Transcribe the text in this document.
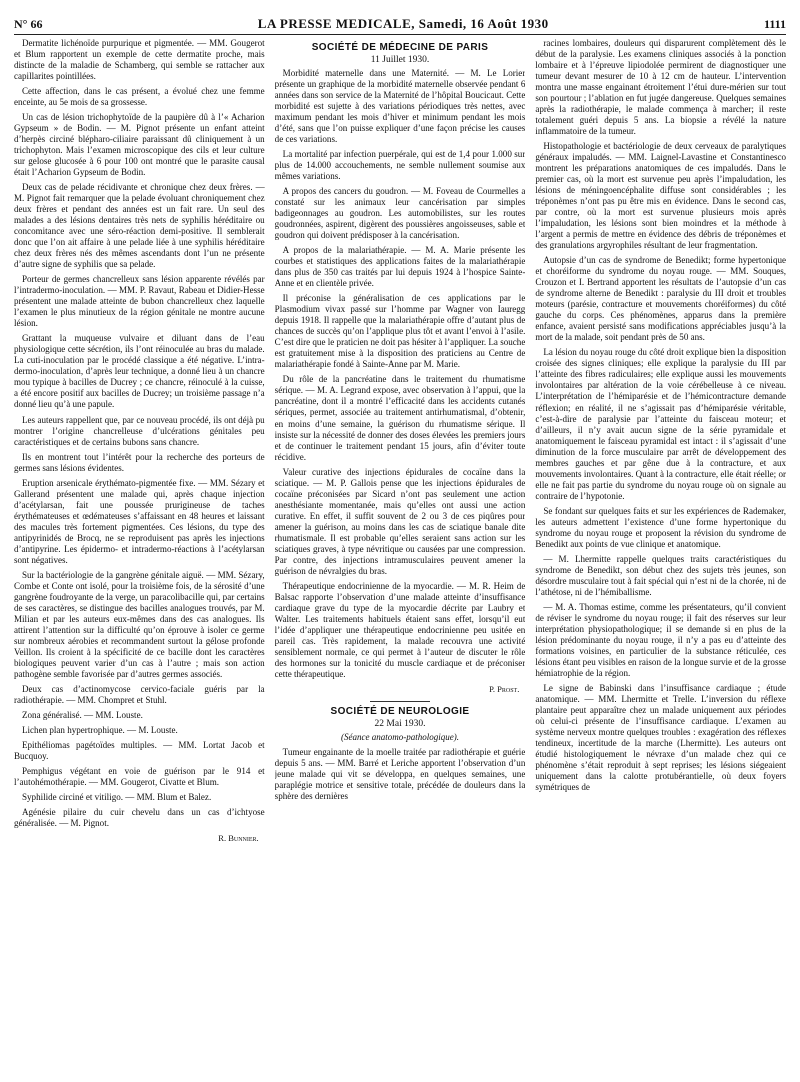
N° 66	LA PRESSE MEDICALE, Samedi, 16 Août 1930	1111

Dermatite lichénoïde purpurique et pigmentée. — MM. Gougerot et Blum rapportent un exemple de cette dermatite proche, mais distincte de la maladie de Schamberg, qui semble se rattacher aux capillarites pointillées.

Cette affection, dans le cas présent, a évolué chez une femme enceinte, au 5e mois de sa grossesse.

Un cas de lésion trichophytoïde de la paupière dû à l’« Acharion Gypseum » de Bodin. — M. Pignot présente un enfant atteint d’herpès circiné blépharo-ciliaire paraissant dû cliniquement à un trichophyton. Mais l’examen microscopique des cils et leur culture sur gelose glucosée à 6 pour 100 ont montré que le parasite causal était l’Acharion Gypseum de Bodin.

Deux cas de pelade récidivante et chronique chez deux frères. — M. Pignot fait remarquer que la pelade évoluant chroniquement chez deux frères et pendant des années est un fait rare. Un seul des malades a des lésions dentaires très nets de syphilis héréditaire ou concomitance avec une séro-réaction demi-positive. Il semblerait donc que l’on ait affaire à une pelade liée à une syphilis héréditaire chez deux frères nés des mêmes ascendants dont l’un ne présente d’autre signe de syphilis que sa pelade.

Porteur de germes chancrelleux sans lésion apparente révélés par l’intradermo-inoculation. — MM. P. Ravaut, Rabeau et Didier-Hesse présentent une malade atteinte de bubon chancrelleux chez laquelle l’examen le plus minutieux de la région génitale ne montre aucune lésion.

Grattant la muqueuse vulvaire et diluant dans de l’eau physiologique cette sécrétion, ils l’ont réinoculée au bras du malade. La cuti-inoculation par le procédé classique a été négative. L’intra-dermo-inoculation, d’après leur technique, a donné lieu à un chancre mou typique à bacilles de Ducrey ; ce chancre, réinoculé à la cuisse, a été encore positif aux bacilles de Ducrey; un troisième passage n’a donné lieu qu’à une papule.

Les auteurs rappellent que, par ce nouveau procédé, ils ont déjà pu montrer l’origine chancrelleuse d’ulcérations génitales peu caractéristiques et de certains bubons sans chancre.

Ils en montrent tout l’intérêt pour la recherche des porteurs de germes sans lésions évidentes.

Eruption arsenicale érythémato-pigmentée fixe. — MM. Sézary et Gallerand présentent une malade qui, après chaque injection d’acétylarsan, fait une poussée prurigineuse de taches érythémateuses et œdémateuses s’affaissant en 48 heures et laissant des macules très fortement pigmentées. Ces lésions, du type des antipyrinidés de Brocq, ne se reproduisent pas après les injections d’antipyrine. Les épidermo- et intradermo-réactions à l’acétylarsan sont négatives.

Sur la bactériologie de la gangrène génitale aiguë. — MM. Sézary, Combe et Conte ont isolé, pour la troisième fois, de la sérosité d’une gangrène foudroyante de la verge, un paracolibacille qui, par certains de ses caractères, se distingue des bacilles analogues trouvés, par M. Milian et par les auteurs eux-mêmes dans des cas analogues. Ils attirent l’attention sur la difficulté qu’on éprouve à isoler ce germe sur nombreux aérobies et recommandent surtout la gélose profonde Veillon. Ils croient à la spécificité de ce bacille dont les caractères biologiques peuvent varier d’un cas à l’autre ; mais son action pathogène semble favorisée par d’autres germes associés.

Deux cas d’actinomycose cervico-faciale guéris par la radiothérapie. — MM. Chompret et Stuhl.

Zona généralisé. — MM. Louste.

Lichen plan hypertrophique. — M. Louste.

Epithéliomas pagétoïdes multiples. — MM. Lortat Jacob et Bucquoy.

Pemphigus végétant en voie de guérison par le 914 et l’autohémothérapie. — MM. Gougerot, Civatte et Blum.

Syphilide circiné et vitiligo. — MM. Blum et Balez.

Agénésie pilaire du cuir chevelu dans un cas d’ichtyose généralisée. — M. Pignot.

R. Bunnier.
SOCIÉTÉ DE MÉDECINE DE PARIS
11 Juillet 1930.

Morbidité maternelle dans une Maternité. — M. Le Lorier présente un graphique de la morbidité maternelle observée pendant 6 années dans son service de la Maternité de l’hôpital Boucicaut. Cette morbidité est sujette à des variations périodiques très nettes, avec maximum pendant les mois d’hiver et minimum pendant les mois d’été, sans que l’on puisse expliquer d’une façon précise les causes de ces variations.

La mortalité par infection puerpérale, qui est de 1,4 pour 1.000 sur plus de 14.000 accouchements, ne semble nullement soumise aux mêmes variations.

A propos des cancers du goudron. — M. Foveau de Courmelles a constaté sur les animaux leur cancérisation par simples badigeonnages au goudron. Les automobilistes, sur les routes goudronnées, aspirent, digèrent des poussières angoisseuses, sable et goudron qui doivent prédisposer à la cancérisation.

A propos de la malariathérapie. — M. A. Marie présente les courbes et statistiques des applications faites de la malariathérapie dans plus de 350 cas traités par lui depuis 1924 à l’hospice Sainte-Anne et en clientèle privée.

Il préconise la généralisation de ces applications par le Plasmodium vivax passé sur l’homme par Wagner von Iauregg depuis 1918. Il rappelle que la malariathérapie offre d’autant plus de chances de succès qu’on l’applique plus tôt et avant l’envoi à l’asile. C’est dire que le praticien ne doit pas hésiter à l’appliquer. La souche est gratuitement mise à la disposition des praticiens au Centre de malariathérapie fondé à Sainte-Anne par M. Marie.

Du rôle de la pancréatine dans le traitement du rhumatisme sérique. — M. A. Legrand expose, avec observation à l’appui, que la pancréatine, dont il a montré l’efficacité dans les accidents cutanés sériques, permet, associée au traitement antirhumatismal, d’obtenir, en moins d’une semaine, la guérison du rhumatisme sérique. Il insiste sur la nécessité de donner des doses élevées les premiers jours et de continuer le traitement pendant 15 jours, afin d’éviter toute récidive.

Valeur curative des injections épidurales de cocaïne dans la sciatique. — M. P. Gallois pense que les injections épidurales de cocaïne préconisées par Sicard n’ont pas seulement une action anesthésiante momentanée, mais qu’elles ont aussi une action curative. En effet, il suffit souvent de 2 ou 3 de ces piqûres pour amener la guérison, au moins dans les cas de sciatique banale dite rhumatismale. Il est probable qu’elles seraient sans action sur les sciatiques graves, à type névritique ou causées par une compression. Par contre, des injections intramusculaires peuvent amener la guérison de névralgies du bras.

Thérapeutique endocrinienne de la myocardie. — M. R. Heim de Balsac rapporte l’observation d’une malade atteinte d’insuffisance cardiaque grave du type de la myocardie décrite par Laubry et Walter. Les traitements habituels étaient sans effet, lorsqu’il eut l’idée d’appliquer une thérapeutique endocrinienne peu usitée en pareil cas. Très rapidement, la malade recouvra une activité sensiblement normale, ce qui permet à l’auteur de discuter le rôle des hormones sur la tonicité du muscle cardiaque et de préconiser cette thérapeutique.

P. Prost.
SOCIÉTÉ DE NEUROLOGIE
22 Mai 1930.
(Séance anatomo-pathologique).

Tumeur engainante de la moelle traitée par radiothérapie et guérie depuis 5 ans. — MM. Barré et Leriche apportent l’observation d’un jeune malade qui vit se développa, en quelques semaines, une paraplégie motrice et sensitive totale, précédée de douleurs dans la sphère des dernières

racines lombaires, douleurs qui disparurent complètement dès le début de la paralysie. Les examens cliniques associés à la ponction lombaire et à l’épreuve lipiodolée permirent de diagnostiquer une tumeur devant mesurer de 10 à 12 cm de hauteur. L’intervention montra une masse engainant étroitement l’étui dure-mérien sur tout son pourtour ; l’ablation en fut jugée dangereuse. Quelques semaines après la radiothérapie, le malade commença à marcher; il reste totalement guéri depuis 5 ans. La biopsie a révélé la nature inflammatoire de la tumeur.

Histopathologie et bactériologie de deux cerveaux de paralytiques généraux impaludés. — MM. Laignel-Lavastine et Constantinesco montrent les préparations anatomiques de ces impaludés. Dans le premier cas, où la mort est survenue peu après l’impaludation, les lésions de méningoencéphalite diffuse sont considérables ; les tréponèmes n’ont pas pu être mis en évidence. Dans le second cas, par contre, où la mort est survenue plusieurs mois après l’impaludation, les lésions sont bien moindres et la méthode à l’argent a permis de mettre en évidence des débris de tréponèmes et des granulations argyrophiles résultant de leur fragmentation.

Autopsie d’un cas de syndrome de Benedikt; forme hypertonique et choréiforme du syndrome du noyau rouge. — MM. Souques, Crouzon et I. Bertrand apportent les résultats de l’autopsie d’un cas de syndrome alterne de Benedikt : paralysie du III droit et troubles moteurs (parésie, contracture et mouvements choréiformes) du côté gauche du corps. Ces phénomènes, apparus dans la première enfance, avaient persisté sans modifications appréciables jusqu’à la mort de la malade, soit pendant près de 50 ans.

La lésion du noyau rouge du côté droit explique bien la disposition croisée des signes cliniques; elle explique la paralysie du III par l’atteinte des fibres radiculaires; elle explique aussi les mouvements involontaires par altération de la voie cérébelleuse à ce niveau. L’interprétation de l’hémiparésie et de l’hémicontracture demande réflexion; en réalité, il ne s’agissait pas d’hémiparésie véritable, c’est-à-dire de paralysie par l’atteinte du faisceau moteur; et d’ailleurs, il n’y avait aucun signe de la série pyramidale et anatomiquement le faisceau pyramidal est intact : il s’agissait d’une diminution de la force musculaire par arrêt de développement des membres gauches et par gêne due à la contracture, et aux mouvements involontaires. Quant à la contracture, elle était réelle; or elle ne fait pas partie du syndrome du noyau rouge où on signale au contraire de l’hypotonie.

Se fondant sur quelques faits et sur les expériences de Rademaker, les auteurs admettent l’existence d’une forme hypertonique du syndrome du noyau rouge et proposent la révision du syndrome de Benedikt aux points de vue clinique et anatomique.

— M. Lhermitte rappelle quelques traits caractéristiques du syndrome de Benedikt, son début chez des sujets très jeunes, son désordre musculaire tout à fait spécial qui n’est ni de la chorée, ni de l’athétose, ni de l’hémiballisme.

— M. A. Thomas estime, comme les présentateurs, qu’il convient de réviser le syndrome du noyau rouge; il fait des réserves sur leur interprétation physiopathologique; il se demande si en plus de la lésion prédominante du noyau rouge, il n’y a pas eu d’atteinte des formations voisines, en particulier de la substance réticulée, ces lésions étant peu visibles en raison de la longue survie et de la grosse hémiatrophie de la région.

Le signe de Babinski dans l’insuffisance cardiaque ; étude anatomique. — MM. Lhermitte et Trelle. L’inversion du réflexe plantaire peut apparaître chez un malade uniquement aux périodes où celui-ci présente de l’insuffisance cardiaque. L’examen au système nerveux montre quelques troubles : exagération des réflexes tendineux, incertitude de la marche (Lhermitte). Les auteurs ont étudié histologiquement le névraxe d’un malade chez qui ce phénomène s’était reproduit à sept reprises; les lésions siégeaient uniquement dans la calotte protubérantielle, où deux foyers symétriques de
